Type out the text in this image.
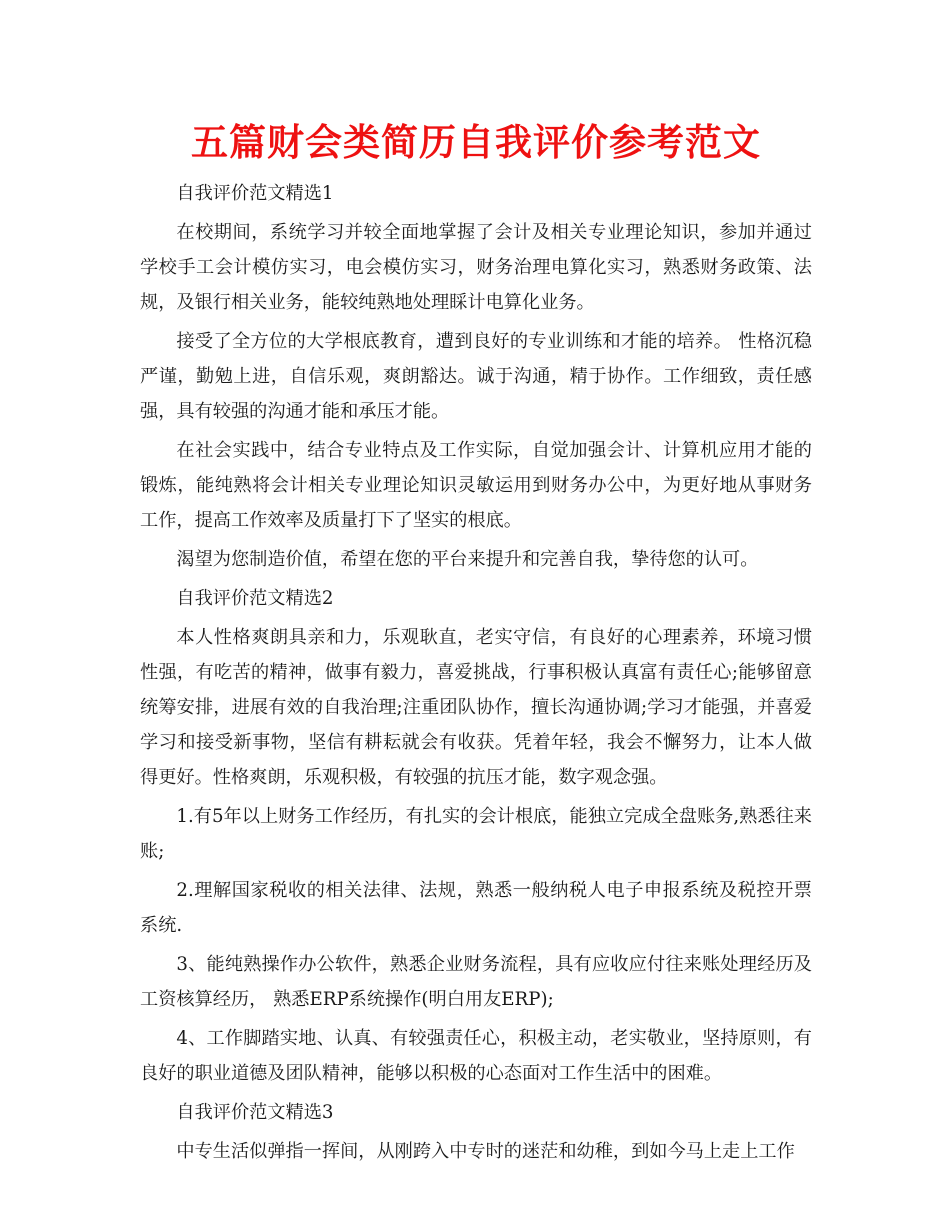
五篇财会类简历自我评价参考范文

自我评价范文精选1

在校期间，系统学习并较全面地掌握了会计及相关专业理论知识，参加并通过学校手工会计模仿实习，电会模仿实习，财务治理电算化实习，熟悉财务政策、法规，及银行相关业务，能较纯熟地处理睬计电算化业务。

接受了全方位的大学根底教育，遭到良好的专业训练和才能的培养。 性格沉稳严谨，勤勉上进，自信乐观，爽朗豁达。诚于沟通，精于协作。工作细致，责任感强，具有较强的沟通才能和承压才能。

在社会实践中，结合专业特点及工作实际，自觉加强会计、计算机应用才能的锻炼，能纯熟将会计相关专业理论知识灵敏运用到财务办公中，为更好地从事财务工作，提高工作效率及质量打下了坚实的根底。

渴望为您制造价值，希望在您的平台来提升和完善自我，挚待您的认可。

自我评价范文精选2

本人性格爽朗具亲和力，乐观耿直，老实守信，有良好的心理素养，环境习惯性强，有吃苦的精神，做事有毅力，喜爱挑战，行事积极认真富有责任心;能够留意统筹安排，进展有效的自我治理;注重团队协作，擅长沟通协调;学习才能强，并喜爱学习和接受新事物，坚信有耕耘就会有收获。凭着年轻，我会不懈努力，让本人做得更好。性格爽朗，乐观积极，有较强的抗压才能，数字观念强。

1.有5年以上财务工作经历，有扎实的会计根底，能独立完成全盘账务,熟悉往来账;

2.理解国家税收的相关法律、法规，熟悉一般纳税人电子申报系统及税控开票系统.

3、能纯熟操作办公软件，熟悉企业财务流程，具有应收应付往来账处理经历及工资核算经历， 熟悉ERP系统操作(明白用友ERP);

4、工作脚踏实地、认真、有较强责任心，积极主动，老实敬业，坚持原则，有良好的职业道德及团队精神，能够以积极的心态面对工作生活中的困难。

自我评价范文精选3

中专生活似弹指一挥间，从刚跨入中专时的迷茫和幼稚，到如今马上走上工作
